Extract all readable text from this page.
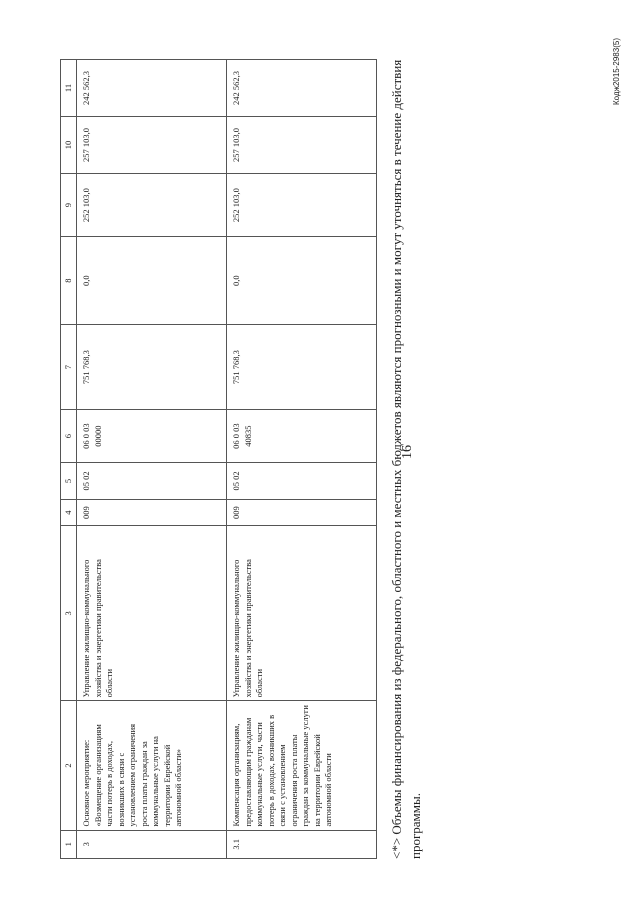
16
1	2	3	4	5	6	7	8	9	10	11
3	Основное мероприятие: «Возмещение организациям части потерь в доходах, возникших в связи с установлением ограничения роста платы граждан за коммунальные услуги на территории Еврейской автономной области»	Управление жилищно-коммунального хозяйства и энергетики правительства области	009	05 02	06 0 03 00000	751 768,3	0,0	252 103,0	257 103,0	242 562,3
3.1	Компенсация организациям, предоставляющим гражданам коммунальные услуги, части потерь в доходах, возникших в связи с установлением ограничения роста платы граждан за коммунальные услуги на территории Еврейской автономной области	Управление жилищно-коммунального хозяйства и энергетики правительства области	009	05 02	06 0 03 40835	751 768,3	0,0	252 103,0	257 103,0	242 562,3	<*> Объемы финансирования из федерального, областного и местных бюджетов являются прогнозными и могут уточняться в течение действия программы.
Кодж2015-2983(5)
